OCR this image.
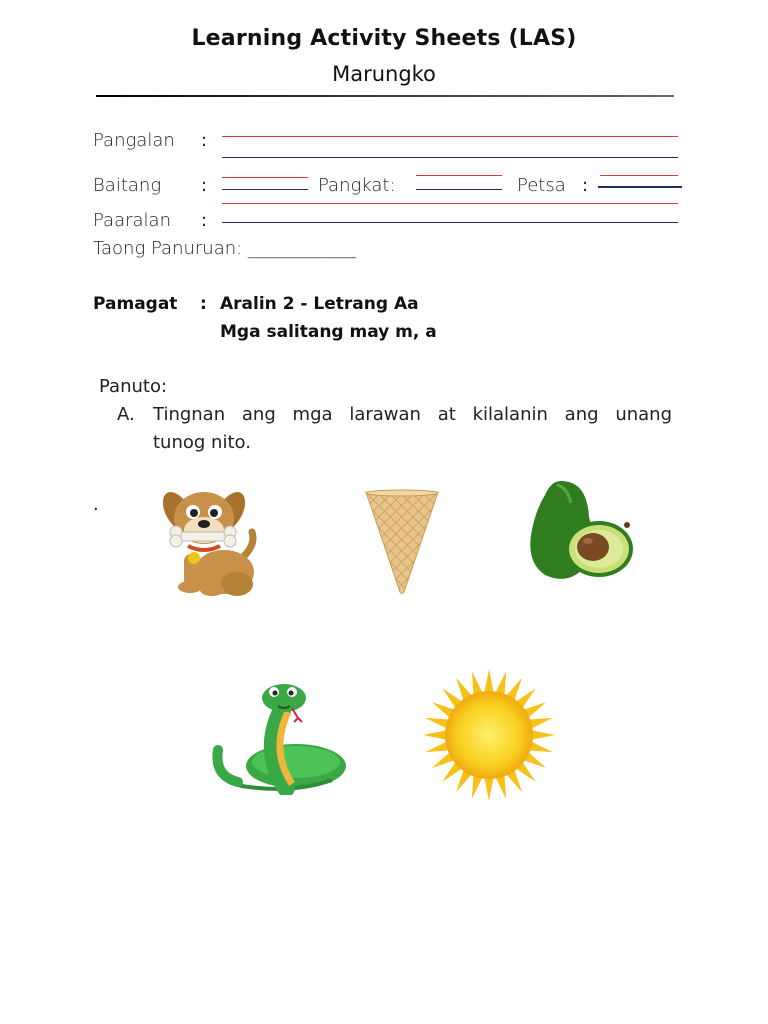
Learning Activity Sheets (LAS)
Marungko
Pangalan :
Baitang :	Pangkat:	Petsa :
Paaralan :
Taong Panuruan: ____________
Pamagat : Aralin 2 - Letrang Aa
Mga salitang may m, a
Panuto:
A. Tingnan ang mga larawan at kilalanin ang unang
tunog nito.
.
